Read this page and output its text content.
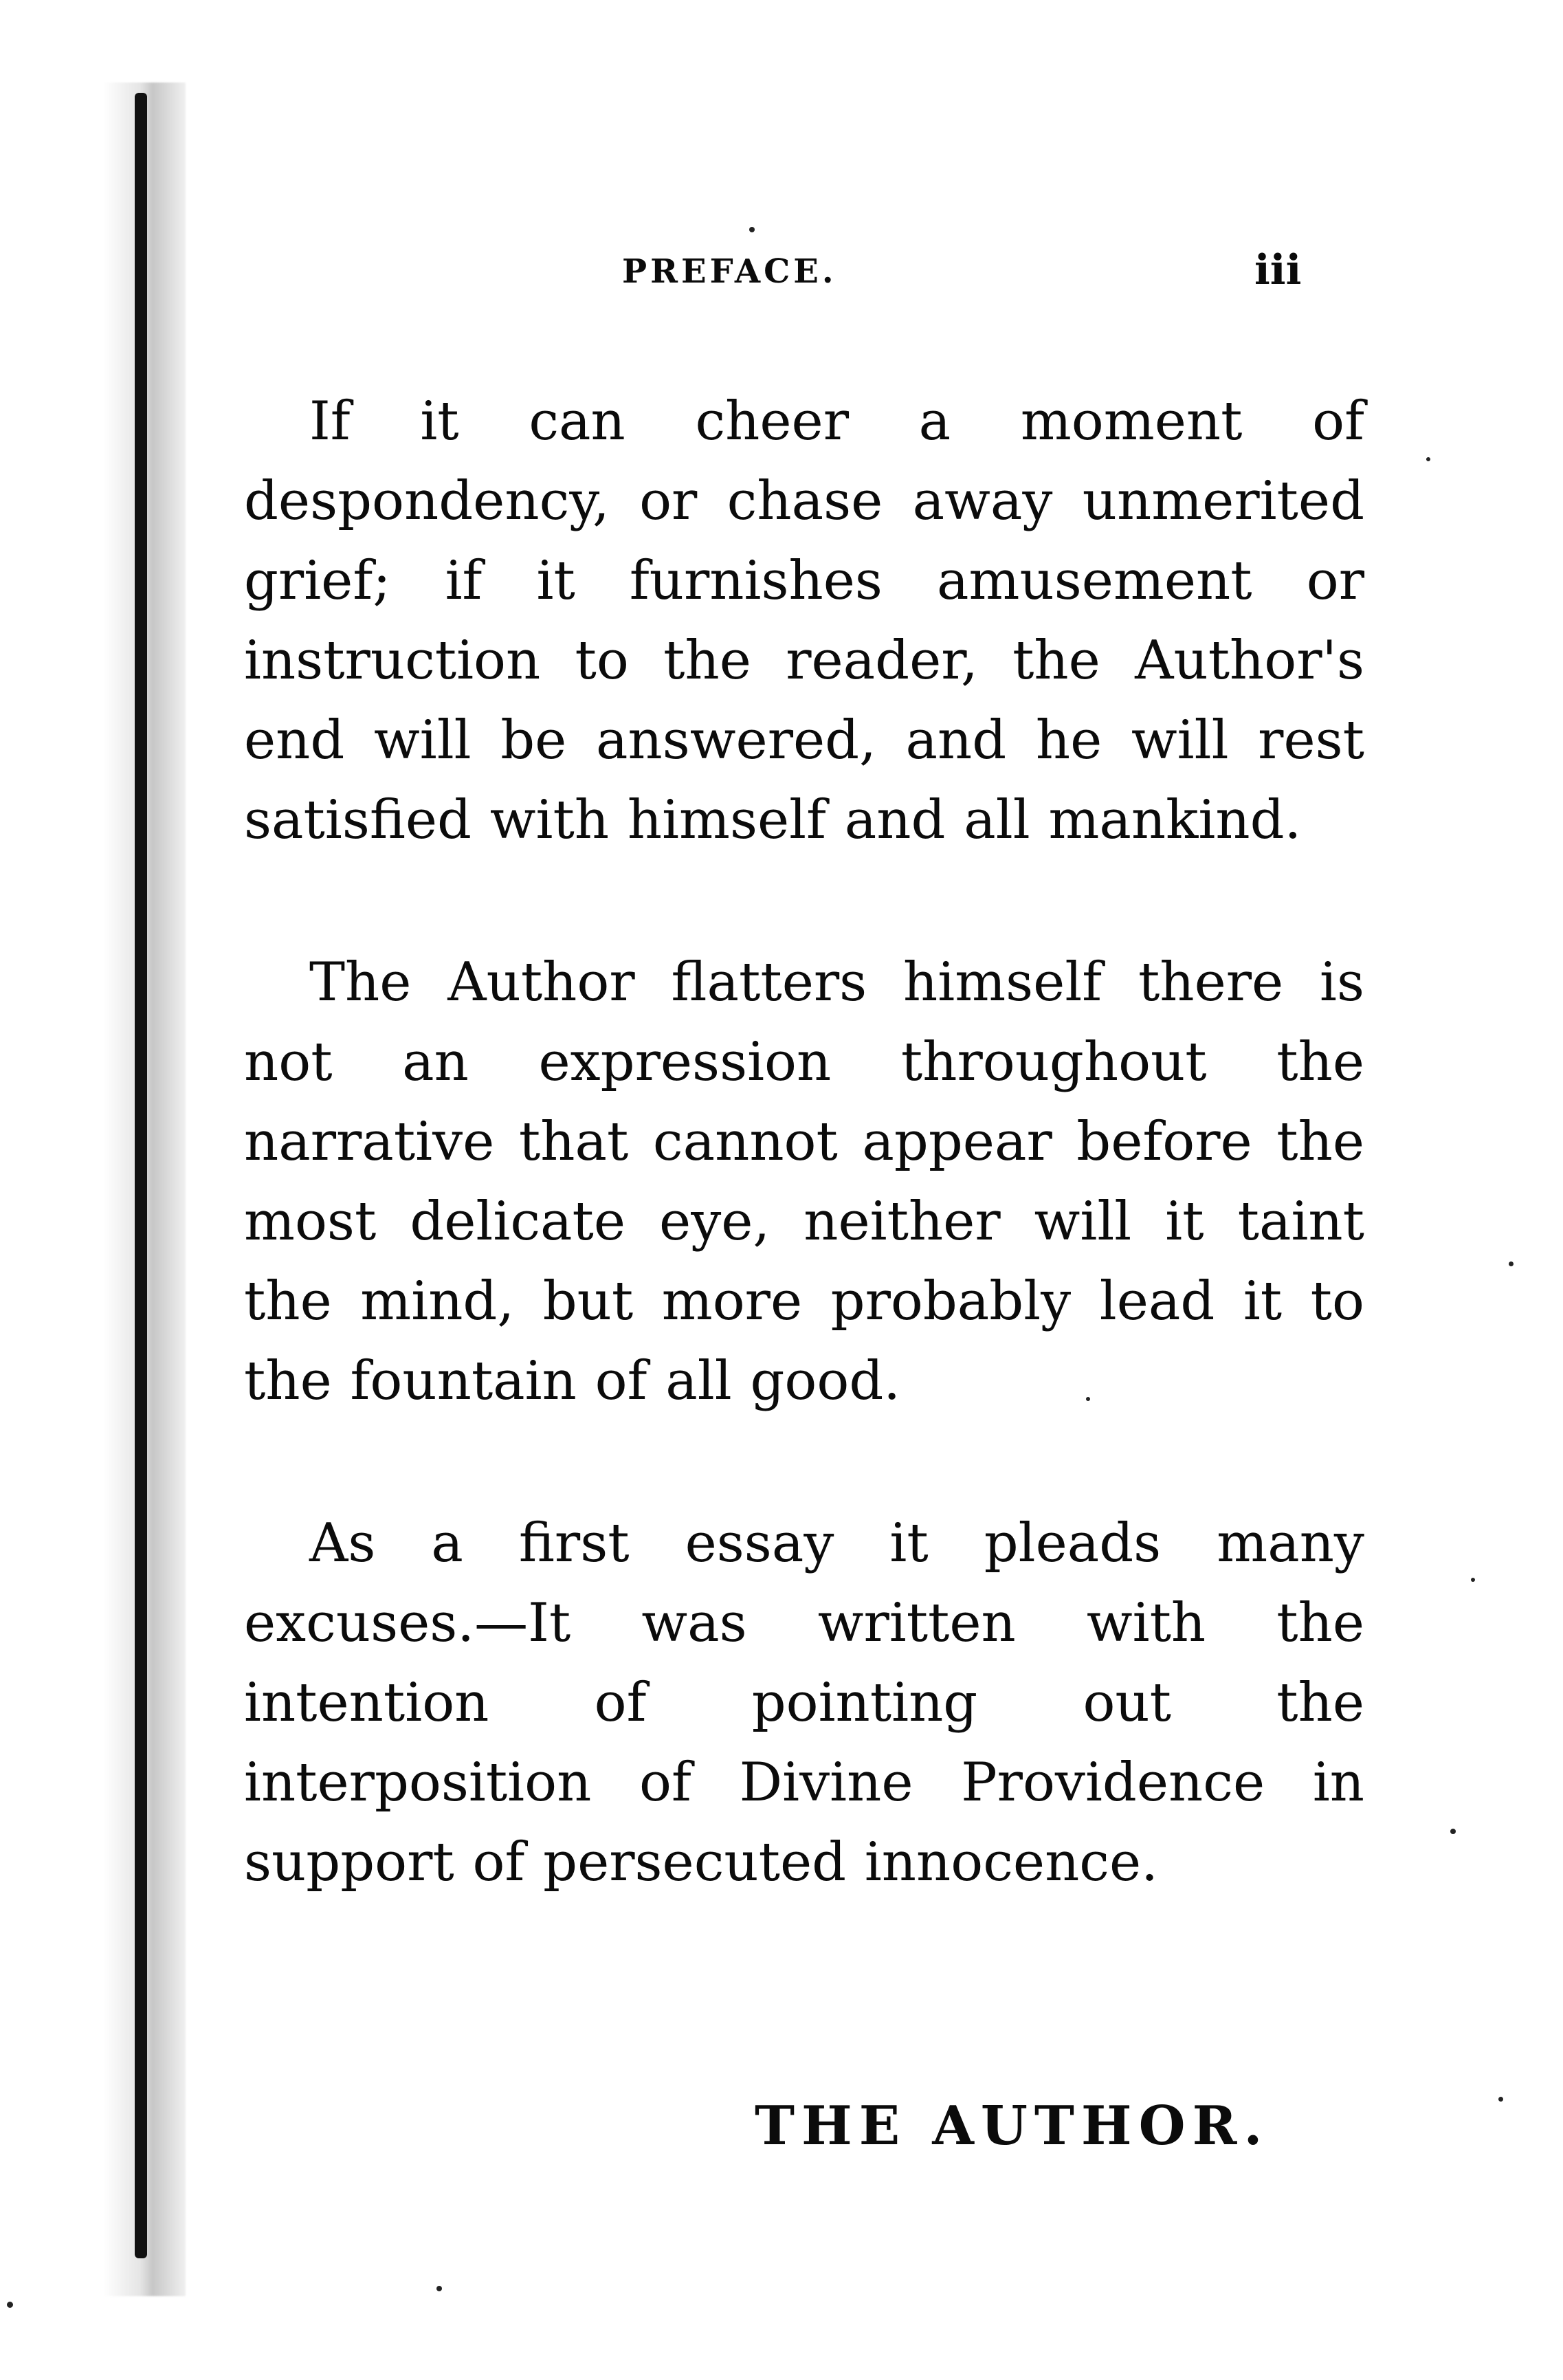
PREFACE.	iii

If it can cheer a moment of despondency, or chase away unmerited grief; if it furnishes amusement or instruction to the reader, the Author's end will be answered, and he will rest satisfied with himself and all mankind.

The Author flatters himself there is not an expression throughout the narrative that cannot appear before the most delicate eye, neither will it taint the mind, but more probably lead it to the fountain of all good.

As a first essay it pleads many excuses.—It was written with the intention of pointing out the interposition of Divine Providence in support of persecuted innocence.

THE AUTHOR.
